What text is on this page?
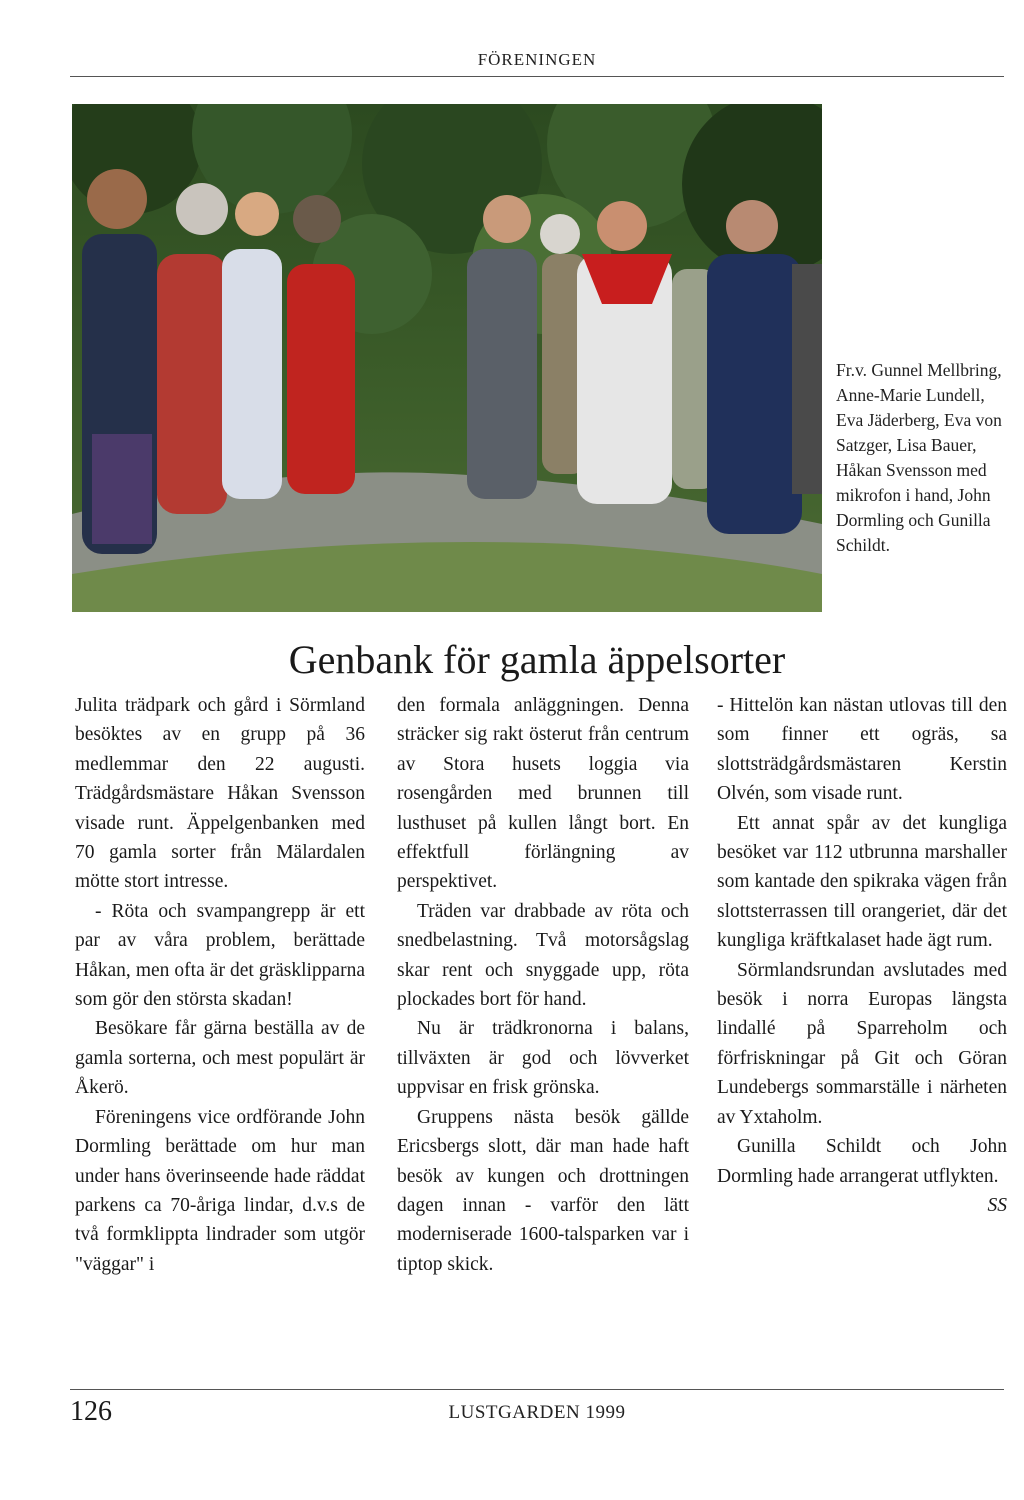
FÖRENINGEN

Fr.v. Gunnel Mellbring, Anne-Marie Lundell, Eva Jäderberg, Eva von Satzger, Lisa Bauer, Håkan Svensson med mikrofon i hand, John Dormling och Gunilla Schildt.

Genbank för gamla äppelsorter

Julita trädpark och gård i Sörmland besöktes av en grupp på 36 medlemmar den 22 augusti. Trädgårdsmästare Håkan Svensson visade runt. Äppelgenbanken med 70 gamla sorter från Mälardalen mötte stort intresse.

- Röta och svampangrepp är ett par av våra problem, berättade Håkan, men ofta är det gräsklipparna som gör den största skadan!

Besökare får gärna beställa av de gamla sorterna, och mest populärt är Åkerö.

Föreningens vice ordförande John Dormling berättade om hur man under hans överinseende hade räddat parkens ca 70-åriga lindar, d.v.s de två formklippta lindrader som utgör "väggar" i

den formala anläggningen. Denna sträcker sig rakt österut från centrum av Stora husets loggia via rosengården med brunnen till lusthuset på kullen långt bort. En effektfull förlängning av perspektivet.

Träden var drabbade av röta och snedbelastning. Två motorsågslag skar rent och snyggade upp, röta plockades bort för hand.

Nu är trädkronorna i balans, tillväxten är god och lövverket uppvisar en frisk grönska.

Gruppens nästa besök gällde Ericsbergs slott, där man hade haft besök av kungen och drottningen dagen innan - varför den lätt moderniserade 1600-talsparken var i tiptop skick.

- Hittelön kan nästan utlovas till den som finner ett ogräs, sa slottsträdgårdsmästaren Kerstin Olvén, som visade runt.

Ett annat spår av det kungliga besöket var 112 utbrunna marshaller som kantade den spikraka vägen från slottsterrassen till orangeriet, där det kungliga kräftkalaset hade ägt rum.

Sörmlandsrundan avslutades med besök i norra Europas längsta lindallé på Sparreholm och förfriskningar på Git och Göran Lundebergs sommarställe i närheten av Yxtaholm.

Gunilla Schildt och John Dormling hade arrangerat utflykten.
SS

126	LUSTGARDEN 1999
